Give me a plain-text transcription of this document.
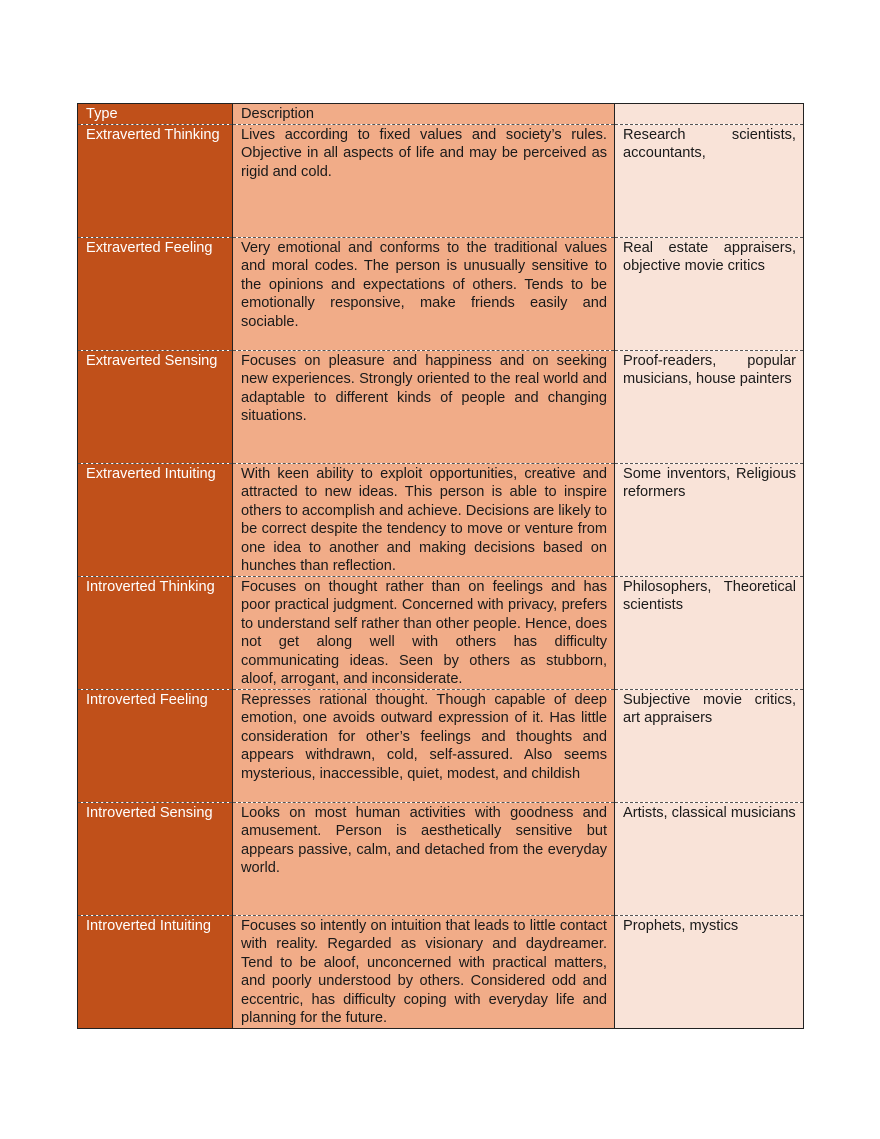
Type	Description	
Extraverted Thinking	Lives according to fixed values and society’s rules. Objective in all aspects of life and may be perceived as rigid and cold.	Research scientists, accountants,
Extraverted Feeling	Very emotional and conforms to the traditional values and moral codes. The person is unusually sensitive to the opinions and expectations of others. Tends to be emotionally responsive, make friends easily and sociable.	Real estate appraisers, objective movie critics
Extraverted Sensing	Focuses on pleasure and happiness and on seeking new experiences. Strongly oriented to the real world and adaptable to different kinds of people and changing situations.	Proof-readers, popular musicians, house painters
Extraverted Intuiting	With keen ability to exploit opportunities, creative and attracted to new ideas. This person is able to inspire others to accomplish and achieve. Decisions are likely to be correct despite the tendency to move or venture from one idea to another and making decisions based on hunches than reflection.	Some inventors, Religious reformers
Introverted Thinking	Focuses on thought rather than on feelings and has poor practical judgment. Concerned with privacy, prefers to understand self rather than other people. Hence, does not get along well with others has difficulty communicating ideas. Seen by others as stubborn, aloof, arrogant, and inconsiderate.	Philosophers, Theoretical scientists
Introverted Feeling	Represses rational thought. Though capable of deep emotion, one avoids outward expression of it. Has little consideration for other’s feelings and thoughts and appears withdrawn, cold, self-assured. Also seems mysterious, inaccessible, quiet, modest, and childish	Subjective movie critics, art appraisers
Introverted Sensing	Looks on most human activities with goodness and amusement. Person is aesthetically sensitive but appears passive, calm, and detached from the everyday world.	Artists, classical musicians
Introverted Intuiting	Focuses so intently on intuition that leads to little contact with reality. Regarded as visionary and daydreamer. Tend to be aloof, unconcerned with practical matters, and poorly understood by others. Considered odd and eccentric, has difficulty coping with everyday life and planning for the future.	Prophets, mystics
